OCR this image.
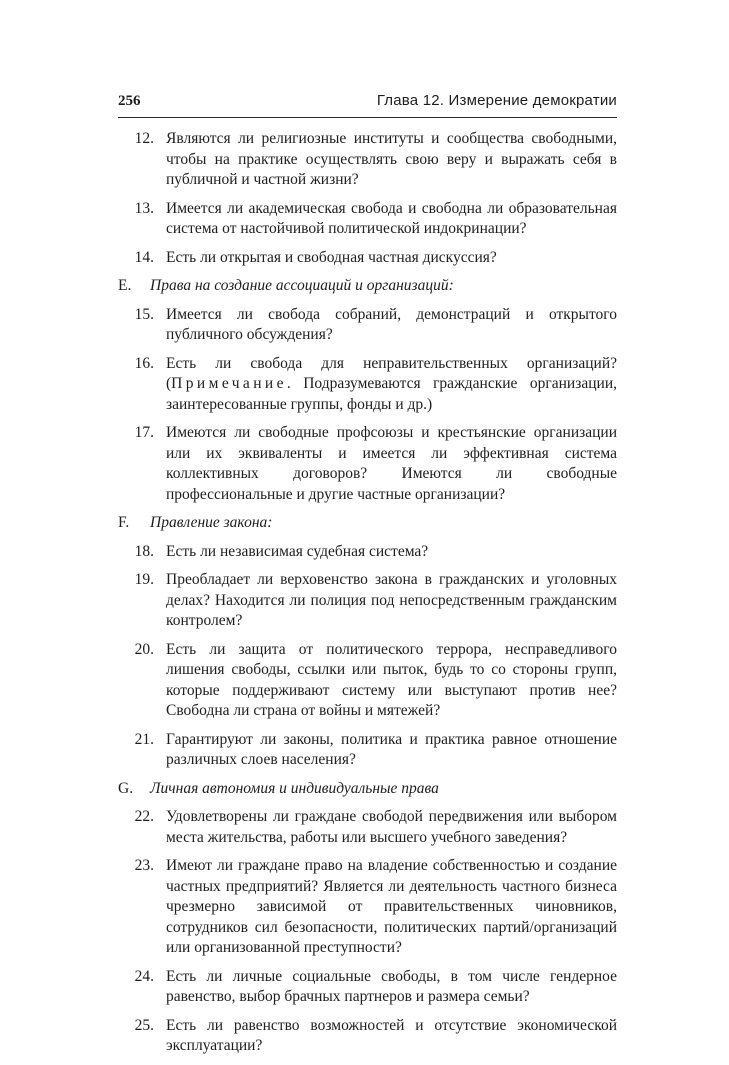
256	Глава 12. Измерение демократии
12. Являются ли религиозные институты и сообщества свободными, чтобы на практике осуществлять свою веру и выражать себя в публичной и частной жизни?
13. Имеется ли академическая свобода и свободна ли образовательная система от настойчивой политической индокринации?
14. Есть ли открытая и свободная частная дискуссия?
E. Права на создание ассоциаций и организаций:
15. Имеется ли свобода собраний, демонстраций и открытого публичного обсуждения?
16. Есть ли свобода для неправительственных организаций? (Примечание. Подразумеваются гражданские организации, заинтересованные группы, фонды и др.)
17. Имеются ли свободные профсоюзы и крестьянские организации или их эквиваленты и имеется ли эффективная система коллективных договоров? Имеются ли свободные профессиональные и другие частные организации?
F. Правление закона:
18. Есть ли независимая судебная система?
19. Преобладает ли верховенство закона в гражданских и уголовных делах? Находится ли полиция под непосредственным гражданским контролем?
20. Есть ли защита от политического террора, несправедливого лишения свободы, ссылки или пыток, будь то со стороны групп, которые поддерживают систему или выступают против нее? Свободна ли страна от войны и мятежей?
21. Гарантируют ли законы, политика и практика равное отношение различных слоев населения?
G. Личная автономия и индивидуальные права
22. Удовлетворены ли граждане свободой передвижения или выбором места жительства, работы или высшего учебного заведения?
23. Имеют ли граждане право на владение собственностью и создание частных предприятий? Является ли деятельность частного бизнеса чрезмерно зависимой от правительственных чиновников, сотрудников сил безопасности, политических партий/организаций или организованной преступности?
24. Есть ли личные социальные свободы, в том числе гендерное равенство, выбор брачных партнеров и размера семьи?
25. Есть ли равенство возможностей и отсутствие экономической эксплуатации?
